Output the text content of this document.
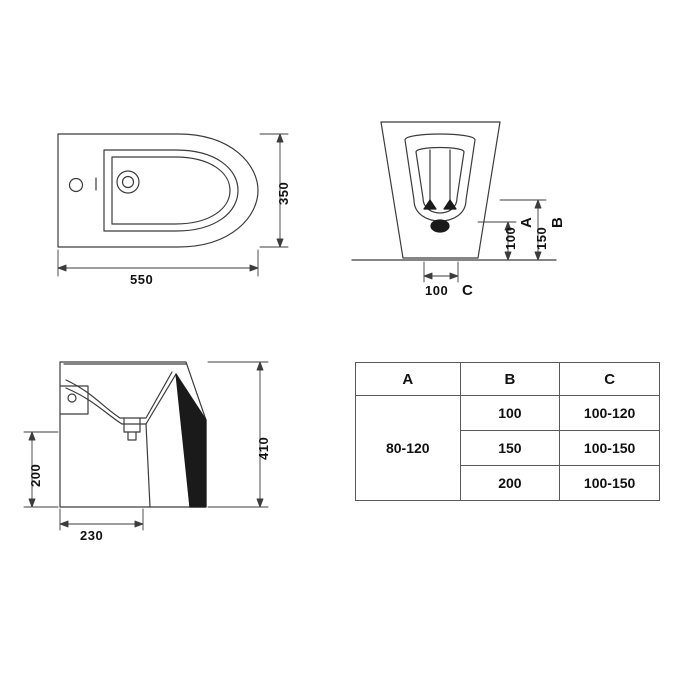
550
350
100
A
150
B
100 C
410
200
230
A	B	C
80-120	100	100-120
	150	100-150
	200	100-150
